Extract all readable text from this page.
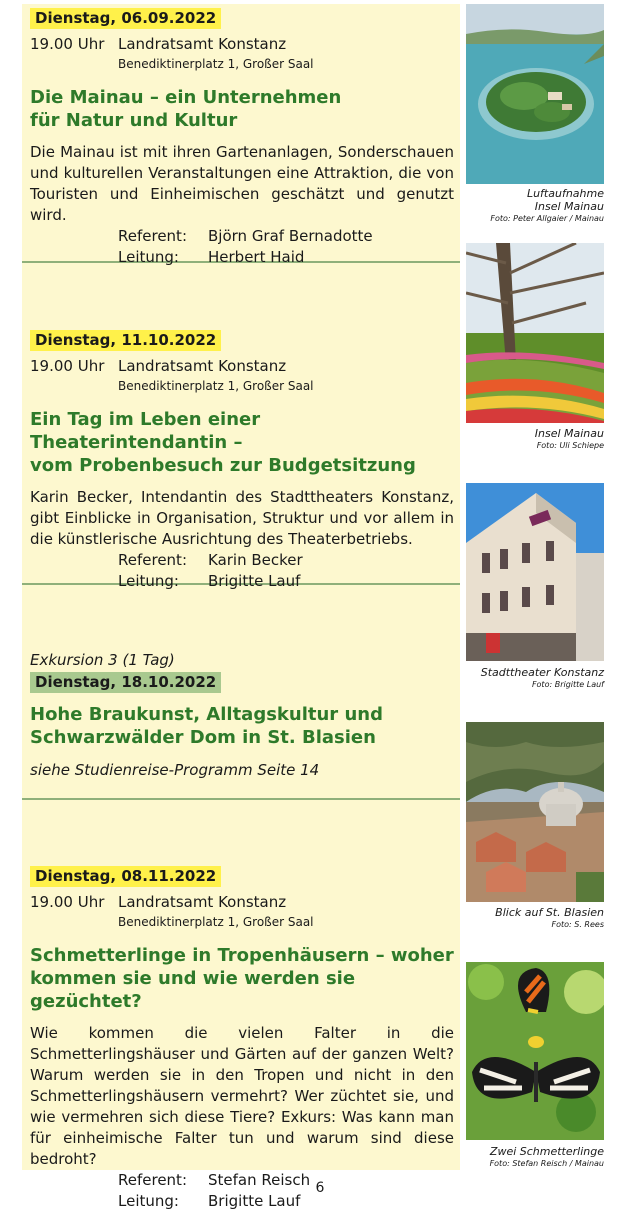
Dienstag, 06.09.2022
19.00 Uhr Landratsamt Konstanz
Benediktinerplatz 1, Großer Saal
Die Mainau – ein Unternehmen
für Natur und Kultur
Die Mainau ist mit ihren Gartenanlagen, Sonderschauen und kulturellen Veranstaltungen eine Attraktion, die von Touristen und Einheimischen geschätzt und genutzt wird.
Referent: Björn Graf Bernadotte
Leitung: Herbert Haid
Dienstag, 11.10.2022
19.00 Uhr Landratsamt Konstanz
Benediktinerplatz 1, Großer Saal
Ein Tag im Leben einer Theaterintendantin –
vom Probenbesuch zur Budgetsitzung
Karin Becker, Intendantin des Stadttheaters Konstanz, gibt Einblicke in Organisation, Struktur und vor allem in die künstlerische Ausrichtung des Theaterbetriebs.
Referent: Karin Becker
Leitung: Brigitte Lauf
Exkursion 3 (1 Tag)
Dienstag, 18.10.2022
Hohe Braukunst, Alltagskultur und
Schwarzwälder Dom in St. Blasien
siehe Studienreise-Programm Seite 14
Dienstag, 08.11.2022
19.00 Uhr Landratsamt Konstanz
Benediktinerplatz 1, Großer Saal
Schmetterlinge in Tropenhäusern – woher
kommen sie und wie werden sie gezüchtet?
Wie kommen die vielen Falter in die Schmetterlingshäuser und Gärten auf der ganzen Welt? Warum werden sie in den Tropen und nicht in den Schmetterlingshäusern vermehrt? Wer züchtet sie, und wie vermehren sich diese Tiere? Exkurs: Was kann man für einheimische Falter tun und warum sind diese bedroht?
Referent: Stefan Reisch
Leitung: Brigitte Lauf
Luftaufnahme
Insel Mainau
Foto: Peter Allgaier / Mainau
Insel Mainau
Foto: Uli Schiepe
Stadttheater Konstanz
Foto: Brigitte Lauf
Blick auf St. Blasien
Foto: S. Rees
Zwei Schmetterlinge
Foto: Stefan Reisch / Mainau
6
